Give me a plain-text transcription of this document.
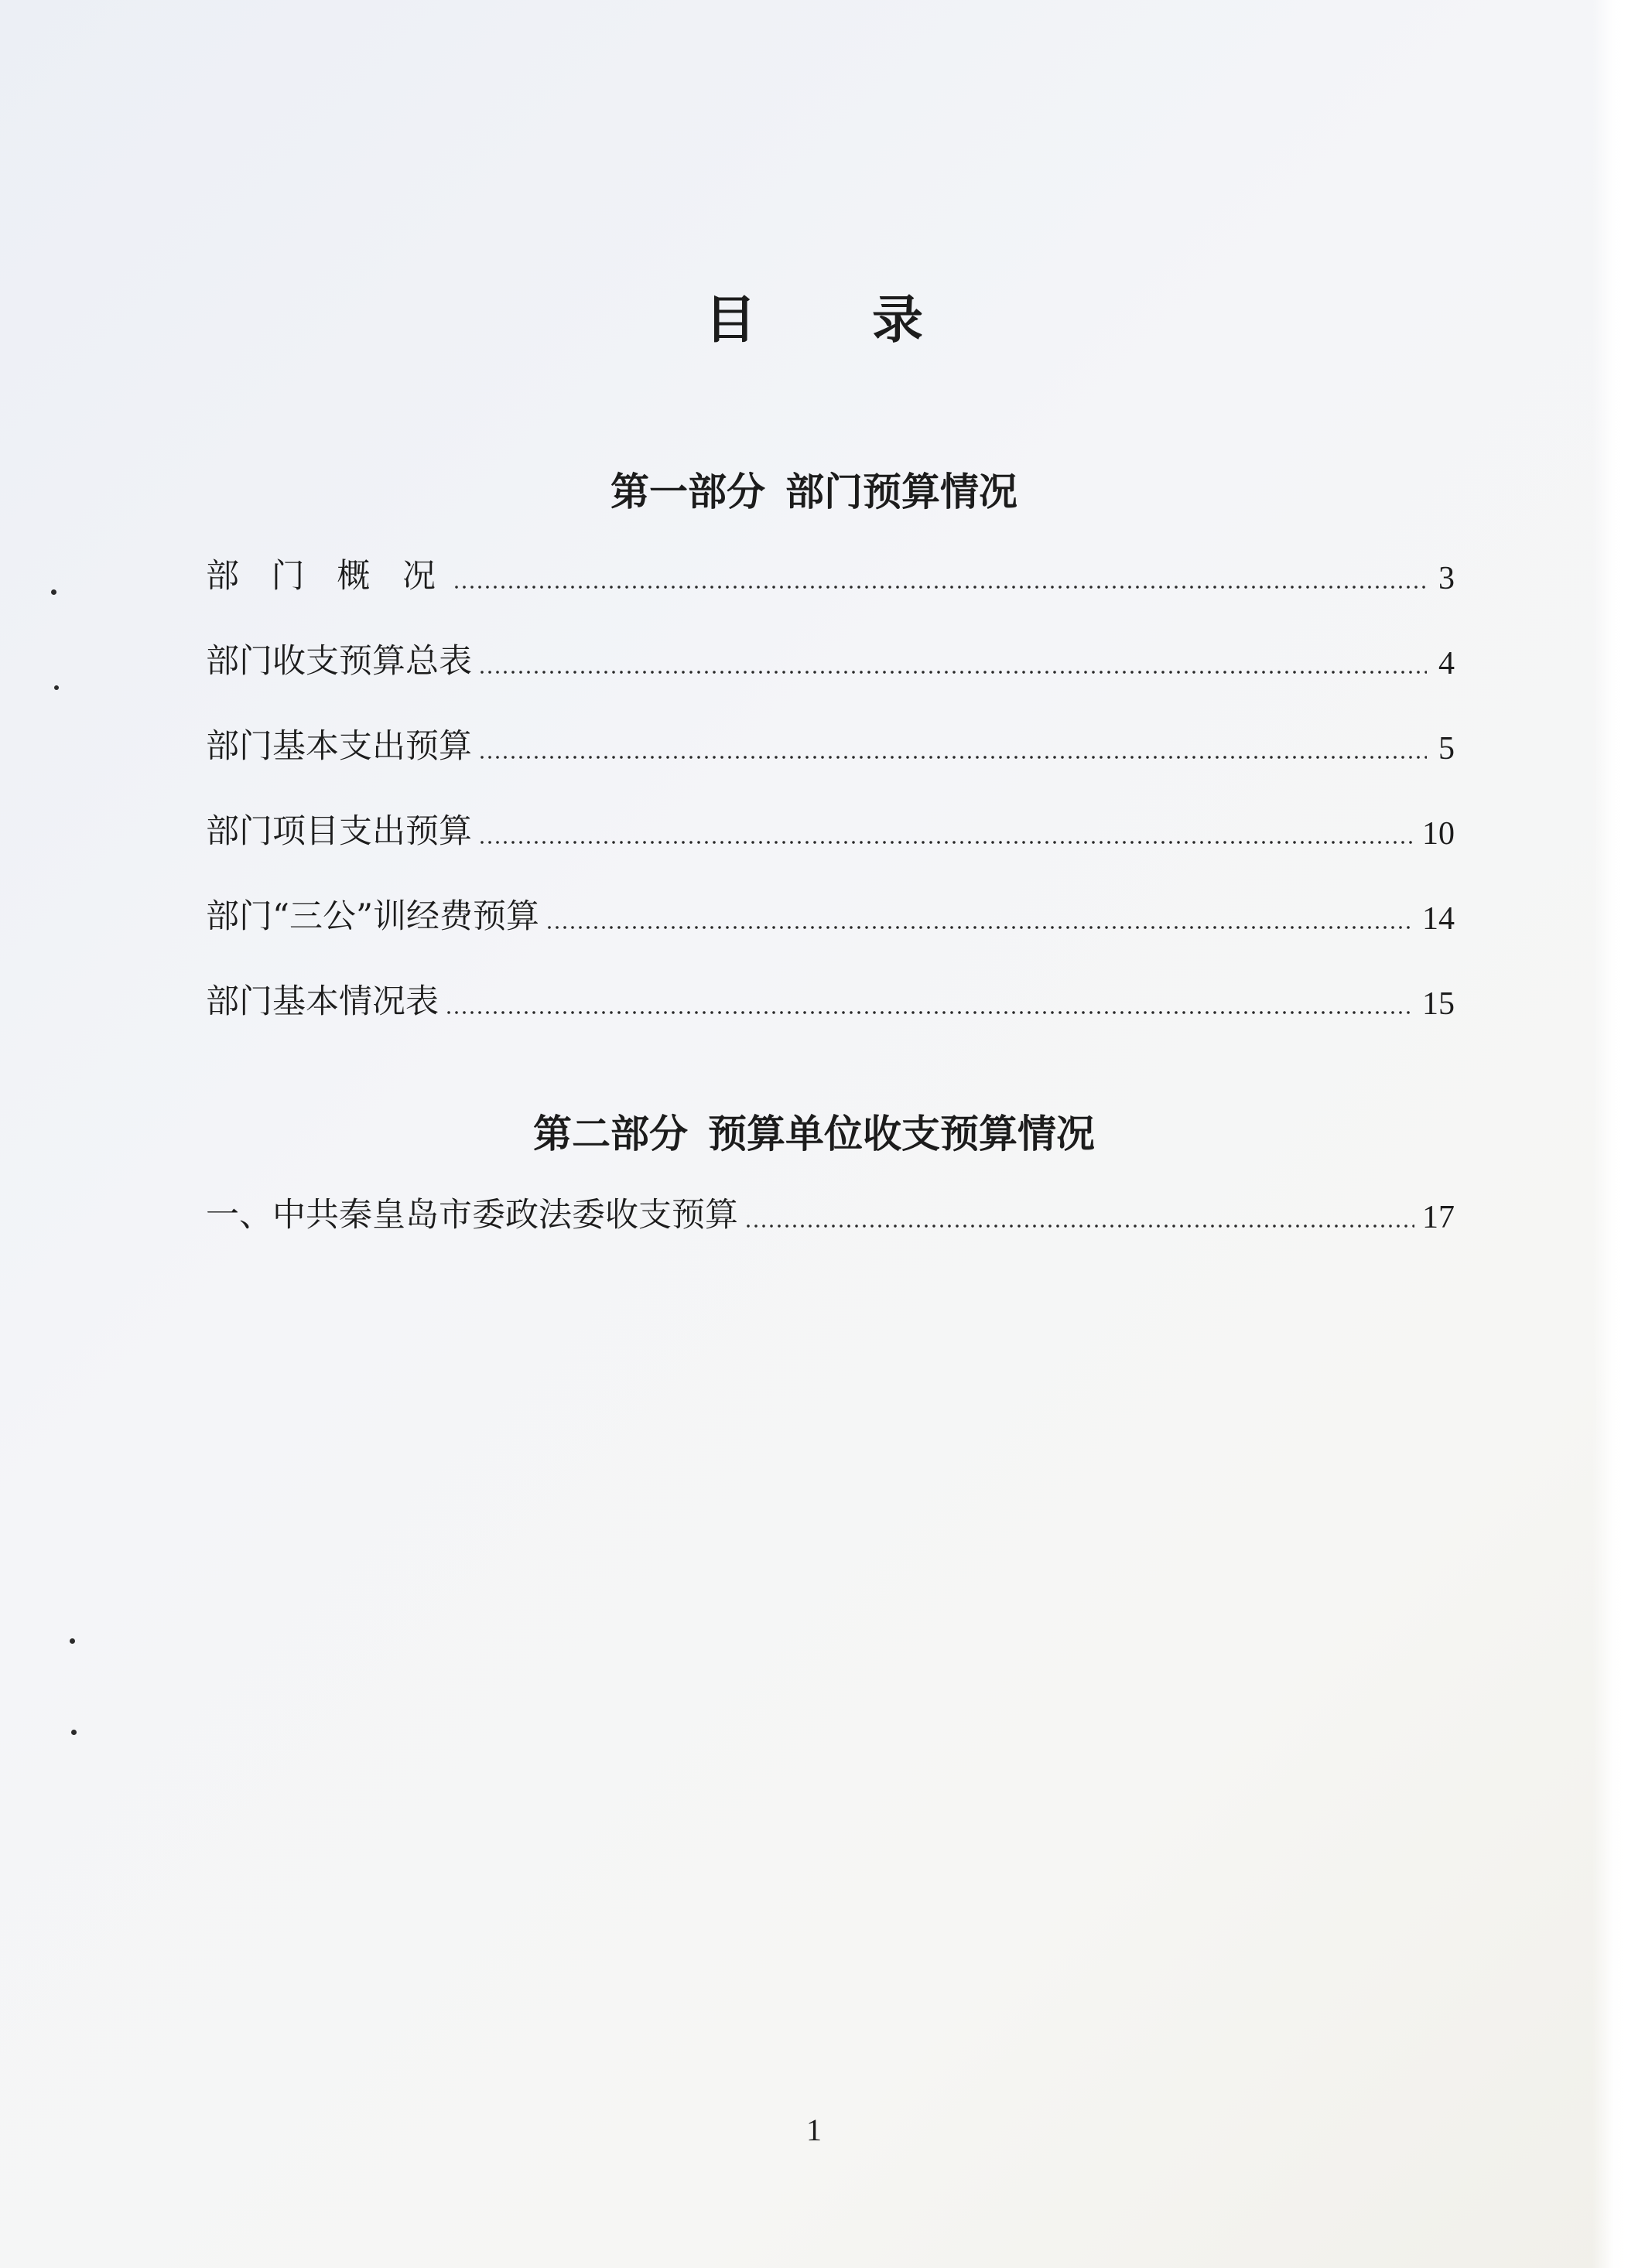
目 录
第一部分 部门预算情况
部 门 概 况	3
部门收支预算总表	4
部门基本支出预算	5
部门项目支出预算	10
部门“三公”训经费预算	14
部门基本情况表	15
第二部分 预算单位收支预算情况
一、中共秦皇岛市委政法委收支预算	17
1
